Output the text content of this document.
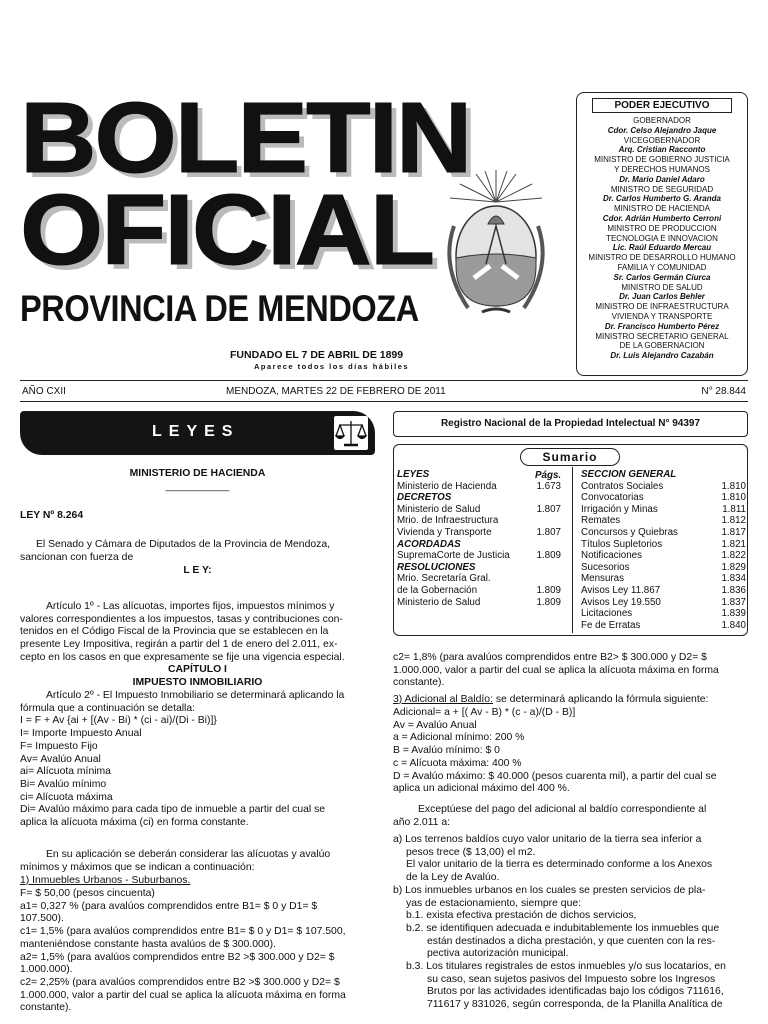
BOLETIN
OFICIAL
PROVINCIA DE MENDOZA
FUNDADO EL 7 DE ABRIL DE 1899
Aparece todos los días hábiles
PODER EJECUTIVO
GOBERNADOR
Cdor. Celso Alejandro Jaque
VICEGOBERNADOR
Arq. Cristian Racconto
MINISTRO DE GOBIERNO JUSTICIA
Y DERECHOS HUMANOS
Dr. Mario Daniel Adaro
MINISTRO DE SEGURIDAD
Dr. Carlos Humberto G. Aranda
MINISTRO DE HACIENDA
Cdor. Adrián Humberto Cerroni
MINISTRO DE PRODUCCION
TECNOLOGIA E INNOVACION
Lic. Raúl Eduardo Mercau
MINISTRO DE DESARROLLO HUMANO
FAMILIA Y COMUNIDAD
Sr. Carlos Germán Ciurca
MINISTRO DE SALUD
Dr. Juan Carlos Behler
MINISTRO DE INFRAESTRUCTURA
VIVIENDA Y TRANSPORTE
Dr. Francisco Humberto Pérez
MINISTRO SECRETARIO GENERAL
DE LA GOBERNACION
Dr. Luis Alejandro Cazabán
AÑO CXII	MENDOZA, MARTES 22 DE FEBRERO DE 2011	N° 28.844
LEYES
MINISTERIO DE HACIENDA
___________
LEY Nº 8.264
El Senado y Cámara de Diputados de la Provincia de Mendoza,
sancionan con fuerza de
L E Y:
Artículo 1º - Las alícuotas, importes fijos, impuestos mínimos y
valores correspondientes a los impuestos, tasas y contribuciones con-
tenidos en el Código Fiscal de la Provincia que se establecen en la
presente Ley Impositiva, regirán a partir del 1 de enero del 2.011, ex-
cepto en los casos en que expresamente se fije una vigencia especial.
CAPÍTULO I
IMPUESTO INMOBILIARIO
Artículo 2º - El Impuesto Inmobiliario se determinará aplicando la
fórmula que a continuación se detalla:
I = F + Av {ai + [(Av - Bi) * (ci - ai)/(Di - Bi)]}
I= Importe Impuesto Anual
F= Impuesto Fijo
Av= Avalúo Anual
ai= Alícuota mínima
Bi= Avalúo mínimo
ci= Alícuota máxima
Di= Avalúo máximo para cada tipo de inmueble a partir del cual se
aplica la alícuota máxima (ci) en forma constante.
En su aplicación se deberán considerar las alícuotas y avalúo
mínimos y máximos que se indican a continuación:
1) Inmuebles Urbanos - Suburbanos.
F= $ 50,00 (pesos cincuenta)
a1= 0,327 % (para avalúos comprendidos entre B1= $ 0 y D1= $
107.500).
c1= 1,5% (para avalúos comprendidos entre B1= $ 0 y D1= $ 107.500,
manteniéndose constante hasta avalúos de $ 300.000).
a2= 1,5% (para avalúos comprendidos entre B2 >$ 300.000 y D2= $
1.000.000).
c2= 2,25% (para avalúos comprendidos entre B2 >$ 300.000 y D2= $
1.000.000, valor a partir del cual se aplica la alícuota máxima en forma
constante).
Registro Nacional de la Propiedad Intelectual N° 94397
Sumario
Págs.
LEYES
Ministerio de Hacienda	1.673
DECRETOS
Ministerio de Salud	1.807
Mrio. de Infraestructura
Vivienda y Transporte	1.807
ACORDADAS
SupremaCorte de Justicia	1.809
RESOLUCIONES
Mrio. Secretaría Gral.
de la Gobernación	1.809
Ministerio de Salud	1.809
SECCION GENERAL
Contratos Sociales	1.810
Convocatorias	1.810
Irrigación y Minas	1.811
Remates	1.812
Concursos y Quiebras	1.817
Títulos Supletorios	1.821
Notificaciones	1.822
Sucesorios	1.829
Mensuras	1.834
Avisos Ley 11.867	1.836
Avisos Ley 19.550	1.837
Licitaciones	1.839
Fe de Erratas	1.840
c2= 1,8% (para avalúos comprendidos entre B2> $ 300.000 y D2= $
1.000.000, valor a partir del cual se aplica la alícuota máxima en forma
constante).
3) Adicional al Baldío: se determinará aplicando la fórmula siguiente:
Adicional= a + [( Av - B) * (c - a)/(D - B)]
Av = Avalúo Anual
a = Adicional mínimo: 200 %
B = Avalúo mínimo: $ 0
c = Alícuota máxima: 400 %
D = Avalúo máximo: $ 40.000 (pesos cuarenta mil), a partir del cual se
aplica un adicional máximo del 400 %.
Exceptúese del pago del adicional al baldío correspondiente al
año 2.011 a:
a) Los terrenos baldíos cuyo valor unitario de la tierra sea inferior a
pesos trece ($ 13,00) el m2.
El valor unitario de la tierra es determinado conforme a los Anexos
de la Ley de Avalúo.
b) Los inmuebles urbanos en los cuales se presten servicios de pla-
yas de estacionamiento, siempre que:
b.1. exista efectiva prestación de dichos servicios,
b.2. se identifiquen adecuada e indubitablemente los inmuebles que
están destinados a dicha prestación, y que cuenten con la res-
pectiva autorización municipal.
b.3. Los titulares registrales de estos inmuebles y/o sus locatarios, en
su caso, sean sujetos pasivos del Impuesto sobre los Ingresos
Brutos por las actividades identificadas bajo los códigos 711616,
711617 y 831026, según corresponda, de la Planilla Analítica de
